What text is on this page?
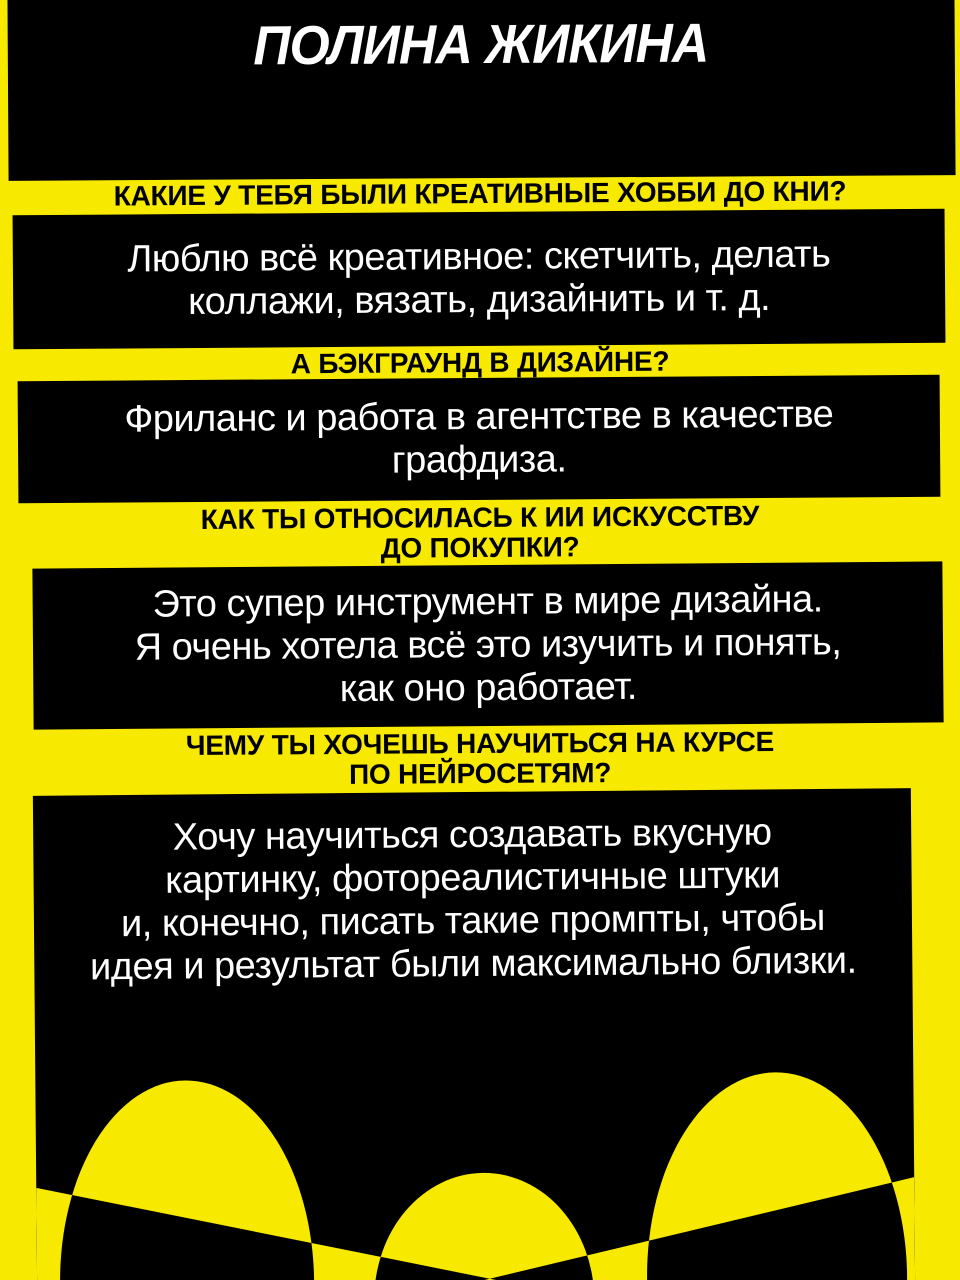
ПОЛИНА ЖИКИНА
КАКИЕ У ТЕБЯ БЫЛИ КРЕАТИВНЫЕ ХОББИ ДО КНИ?
Люблю всё креативное: скетчить, делать
коллажи, вязать, дизайнить и т. д.
А БЭКГРАУНД В ДИЗАЙНЕ?
Фриланс и работа в агентстве в качестве
графдиза.
КАК ТЫ ОТНОСИЛАСЬ К ИИ ИСКУССТВУ
ДО ПОКУПКИ?
Это супер инструмент в мире дизайна.
Я очень хотела всё это изучить и понять,
как оно работает.
ЧЕМУ ТЫ ХОЧЕШЬ НАУЧИТЬСЯ НА КУРСЕ
ПО НЕЙРОСЕТЯМ?
Хочу научиться создавать вкусную
картинку, фотореалистичные штуки
и, конечно, писать такие промпты, чтобы
идея и результат были максимально близки.
